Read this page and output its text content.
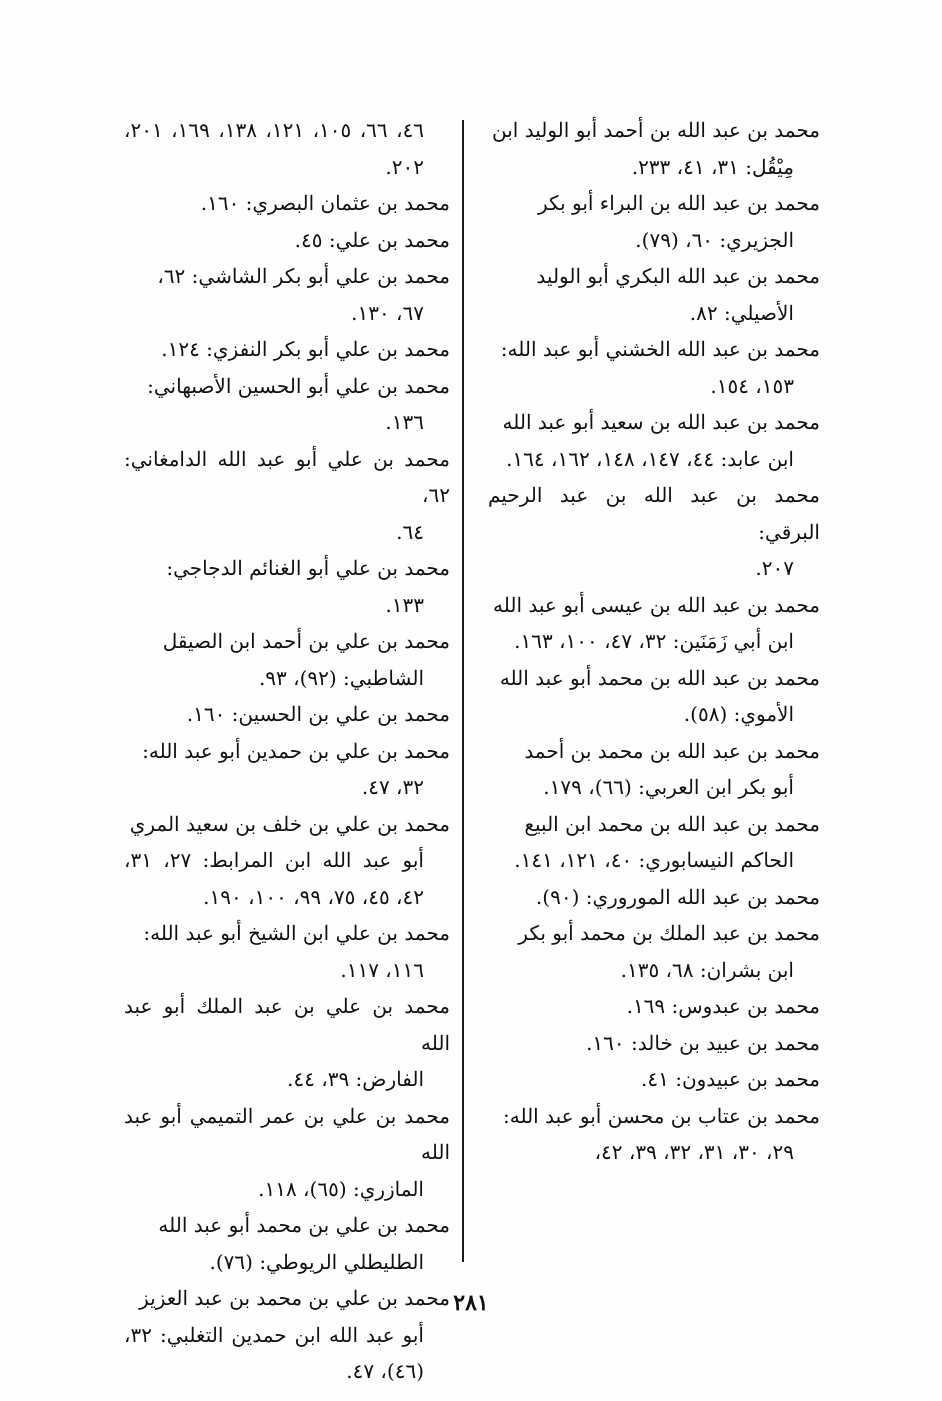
محمد بن عبد الله بن أحمد أبو الوليد ابن
مِيْقُل: ٣١، ٤١، ٢٣٣.

محمد بن عبد الله بن البراء أبو بكر
الجزيري: ٦٠، (٧٩).

محمد بن عبد الله البكري أبو الوليد
الأصيلي: ٨٢.

محمد بن عبد الله الخشني أبو عبد الله:
١٥٣، ١٥٤.

محمد بن عبد الله بن سعيد أبو عبد الله
ابن عابد: ٤٤، ١٤٧، ١٤٨، ١٦٢، ١٦٤.

محمد بن عبد الله بن عبد الرحيم البرقي:
٢٠٧.

محمد بن عبد الله بن عيسى أبو عبد الله
ابن أبي زَمَنَين: ٣٢، ٤٧، ١٠٠، ١٦٣.

محمد بن عبد الله بن محمد أبو عبد الله
الأموي: (٥٨).

محمد بن عبد الله بن محمد بن أحمد
أبو بكر ابن العربي: (٦٦)، ١٧٩.

محمد بن عبد الله بن محمد ابن البيع
الحاكم النيسابوري: ٤٠، ١٢١، ١٤١.

محمد بن عبد الله الموروري: (٩٠).

محمد بن عبد الملك بن محمد أبو بكر
ابن بشران: ٦٨، ١٣٥.

محمد بن عبدوس: ١٦٩.

محمد بن عبيد بن خالد: ١٦٠.

محمد بن عبيدون: ٤١.

محمد بن عتاب بن محسن أبو عبد الله:
٢٩، ٣٠، ٣١، ٣٢، ٣٩، ٤٢،

٤٦، ٦٦، ١٠٥، ١٢١، ١٣٨، ١٦٩، ٢٠١، ٢٠٢.

محمد بن عثمان البصري: ١٦٠.

محمد بن علي: ٤٥.

محمد بن علي أبو بكر الشاشي: ٦٢،
٦٧، ١٣٠.

محمد بن علي أبو بكر النفزي: ١٢٤.

محمد بن علي أبو الحسين الأصبهاني:
١٣٦.

محمد بن علي أبو عبد الله الدامغاني: ٦٢،
٦٤.

محمد بن علي أبو الغنائم الدجاجي:
١٣٣.

محمد بن علي بن أحمد ابن الصيقل
الشاطبي: (٩٢)، ٩٣.

محمد بن علي بن الحسين: ١٦٠.

محمد بن علي بن حمدين أبو عبد الله:
٣٢، ٤٧.

محمد بن علي بن خلف بن سعيد المري
أبو عبد الله ابن المرابط: ٢٧، ٣١، ٤٢، ٤٥، ٧٥، ٩٩، ١٠٠، ١٩٠.

محمد بن علي ابن الشيخ أبو عبد الله:
١١٦، ١١٧.

محمد بن علي بن عبد الملك أبو عبد الله
الفارض: ٣٩، ٤٤.

محمد بن علي بن عمر التميمي أبو عبد الله
المازري: (٦٥)، ١١٨.

محمد بن علي بن محمد أبو عبد الله
الطليطلي الريوطي: (٧٦).

محمد بن علي بن محمد بن عبد العزيز
أبو عبد الله ابن حمدين التغلبي: ٣٢، (٤٦)، ٤٧.

٢٨١
